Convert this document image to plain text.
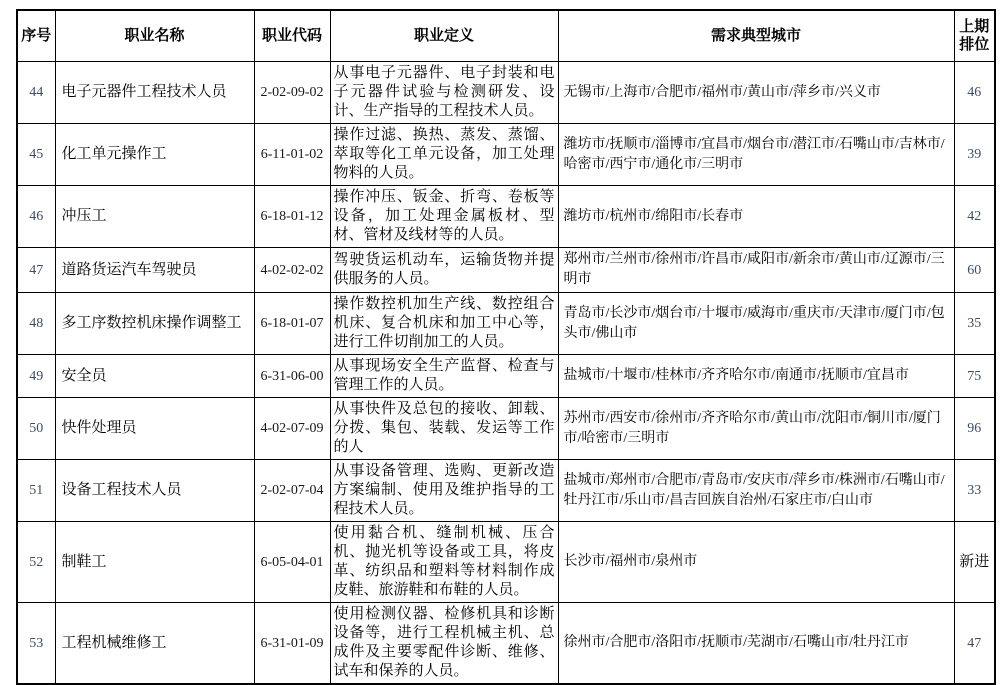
序号	职业名称	职业代码	职业定义	需求典型城市	上期排位
44	电子元器件工程技术人员	2-02-09-02	从事电子元器件、电子封装和电子元器件试验与检测研发、设计、生产指导的工程技术人员。	无锡市/上海市/合肥市/福州市/黄山市/萍乡市/兴义市	46
45	化工单元操作工	6-11-01-02	操作过滤、换热、蒸发、蒸馏、萃取等化工单元设备，加工处理物料的人员。	潍坊市/抚顺市/淄博市/宜昌市/烟台市/潜江市/石嘴山市/吉林市/哈密市/西宁市/通化市/三明市	39
46	冲压工	6-18-01-12	操作冲压、钣金、折弯、卷板等设备，加工处理金属板材、型材、管材及线材等的人员。	潍坊市/杭州市/绵阳市/长春市	42
47	道路货运汽车驾驶员	4-02-02-02	驾驶货运机动车，运输货物并提供服务的人员。	郑州市/兰州市/徐州市/许昌市/咸阳市/新余市/黄山市/辽源市/三明市	60
48	多工序数控机床操作调整工	6-18-01-07	操作数控机加生产线、数控组合机床、复合机床和加工中心等，进行工件切削加工的人员。	青岛市/长沙市/烟台市/十堰市/威海市/重庆市/天津市/厦门市/包头市/佛山市	35
49	安全员	6-31-06-00	从事现场安全生产监督、检查与管理工作的人员。	盐城市/十堰市/桂林市/齐齐哈尔市/南通市/抚顺市/宜昌市	75
50	快件处理员	4-02-07-09	从事快件及总包的接收、卸载、分拨、集包、装载、发运等工作的人	苏州市/西安市/徐州市/齐齐哈尔市/黄山市/沈阳市/铜川市/厦门市/哈密市/三明市	96
51	设备工程技术人员	2-02-07-04	从事设备管理、选购、更新改造方案编制、使用及维护指导的工程技术人员。	盐城市/郑州市/合肥市/青岛市/安庆市/萍乡市/株洲市/石嘴山市/牡丹江市/乐山市/昌吉回族自治州/石家庄市/白山市	33
52	制鞋工	6-05-04-01	使用黏合机、缝制机械、压合机、抛光机等设备或工具，将皮革、纺织品和塑料等材料制作成皮鞋、旅游鞋和布鞋的人员。	长沙市/福州市/泉州市	新进
53	工程机械维修工	6-31-01-09	使用检测仪器、检修机具和诊断设备等，进行工程机械主机、总成件及主要零配件诊断、维修、试车和保养的人员。	徐州市/合肥市/洛阳市/抚顺市/芜湖市/石嘴山市/牡丹江市	47
